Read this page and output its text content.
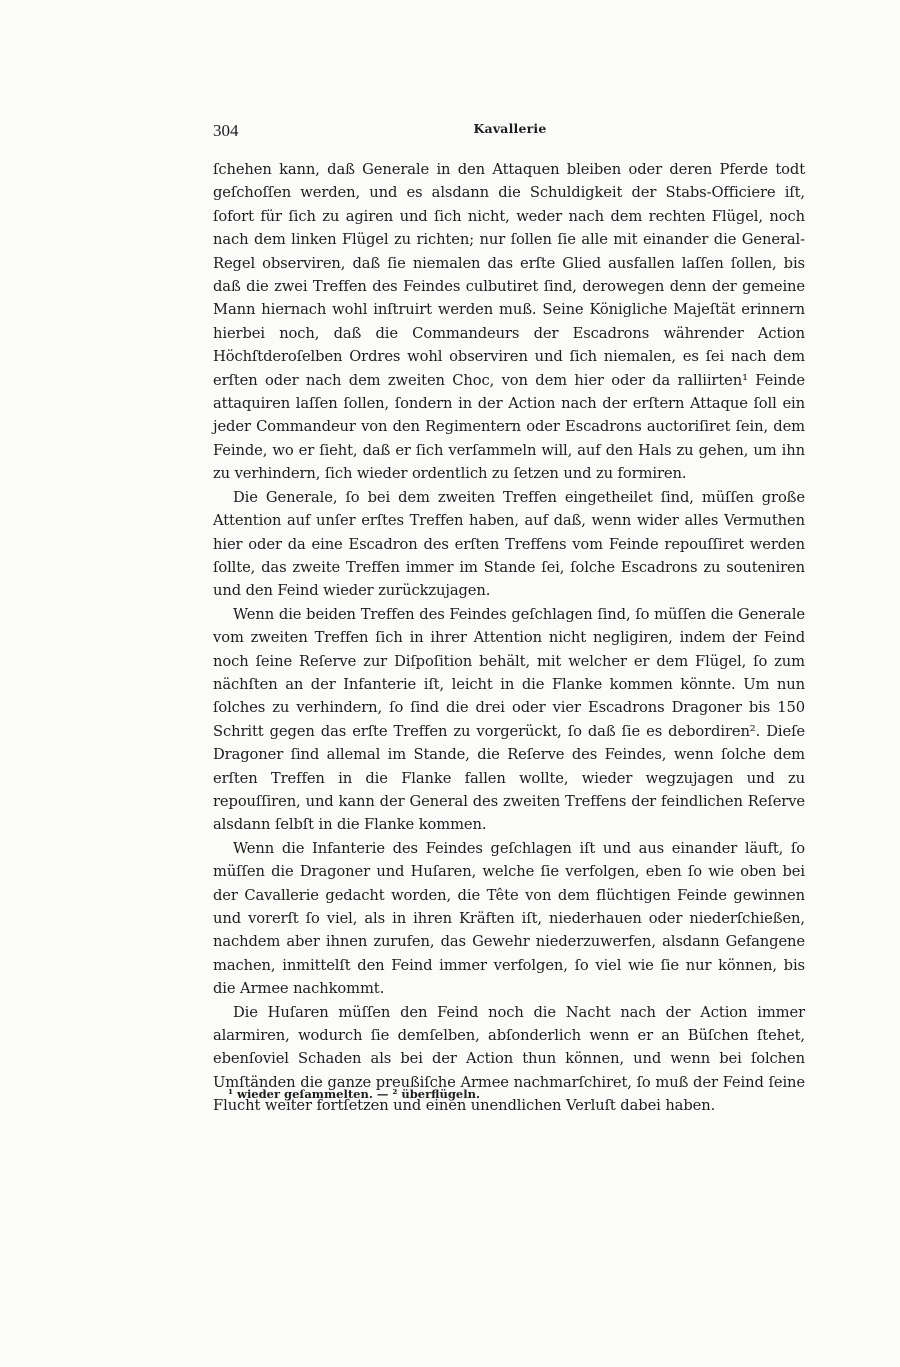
304	Kavallerie

ſchehen kann, daß Generale in den Attaquen bleiben oder deren Pferde todt geſchoſſen werden, und es alsdann die Schuldigkeit der Stabs-Officiere iſt, ſofort für ſich zu agiren und ſich nicht, weder nach dem rechten Flügel, noch nach dem linken Flügel zu richten; nur ſollen ſie alle mit einander die General-Regel observiren, daß ſie niemalen das erſte Glied ausfallen laſſen ſollen, bis daß die zwei Treffen des Feindes culbutiret ſind, derowegen denn der gemeine Mann hiernach wohl inſtruirt werden muß. Seine Königliche Majeſtät erinnern hierbei noch, daß die Commandeurs der Escadrons währender Action Höchſtderoſelben Ordres wohl observiren und ſich niemalen, es ſei nach dem erſten oder nach dem zweiten Choc, von dem hier oder da ralliirten¹ Feinde attaquiren laſſen ſollen, ſondern in der Action nach der erſtern Attaque ſoll ein jeder Commandeur von den Regimentern oder Escadrons auctoriſiret ſein, dem Feinde, wo er ſieht, daß er ſich verſammeln will, auf den Hals zu gehen, um ihn zu verhindern, ſich wieder ordentlich zu ſetzen und zu formiren.

Die Generale, ſo bei dem zweiten Treffen eingetheilet ſind, müſſen große Attention auf unſer erſtes Treffen haben, auf daß, wenn wider alles Vermuthen hier oder da eine Escadron des erſten Treffens vom Feinde repouſſiret werden ſollte, das zweite Treffen immer im Stande ſei, ſolche Escadrons zu souteniren und den Feind wieder zurückzujagen.

Wenn die beiden Treffen des Feindes geſchlagen ſind, ſo müſſen die Generale vom zweiten Treffen ſich in ihrer Attention nicht negligiren, indem der Feind noch ſeine Reſerve zur Diſpoſition behält, mit welcher er dem Flügel, ſo zum nächſten an der Infanterie iſt, leicht in die Flanke kommen könnte. Um nun ſolches zu verhindern, ſo ſind die drei oder vier Escadrons Dragoner bis 150 Schritt gegen das erſte Treffen zu vorgerückt, ſo daß ſie es debordiren². Dieſe Dragoner ſind allemal im Stande, die Reſerve des Feindes, wenn ſolche dem erſten Treffen in die Flanke fallen wollte, wieder wegzujagen und zu repouſſiren, und kann der General des zweiten Treffens der feindlichen Reſerve alsdann ſelbſt in die Flanke kommen.

Wenn die Infanterie des Feindes geſchlagen iſt und aus einander läuft, ſo müſſen die Dragoner und Huſaren, welche ſie verfolgen, eben ſo wie oben bei der Cavallerie gedacht worden, die Tête von dem flüchtigen Feinde gewinnen und vorerſt ſo viel, als in ihren Kräften iſt, niederhauen oder niederſchießen, nachdem aber ihnen zurufen, das Gewehr niederzuwerfen, alsdann Gefangene machen, inmittelſt den Feind immer verfolgen, ſo viel wie ſie nur können, bis die Armee nachkommt.

Die Huſaren müſſen den Feind noch die Nacht nach der Action immer alarmiren, wodurch ſie demſelben, abſonderlich wenn er an Büſchen ſtehet, ebenſoviel Schaden als bei der Action thun können, und wenn bei ſolchen Umſtänden die ganze preußiſche Armee nachmarſchiret, ſo muß der Feind ſeine Flucht weiter fortſetzen und einen unendlichen Verluſt dabei haben.

¹ wieder geſammelten. — ² überflügeln.
